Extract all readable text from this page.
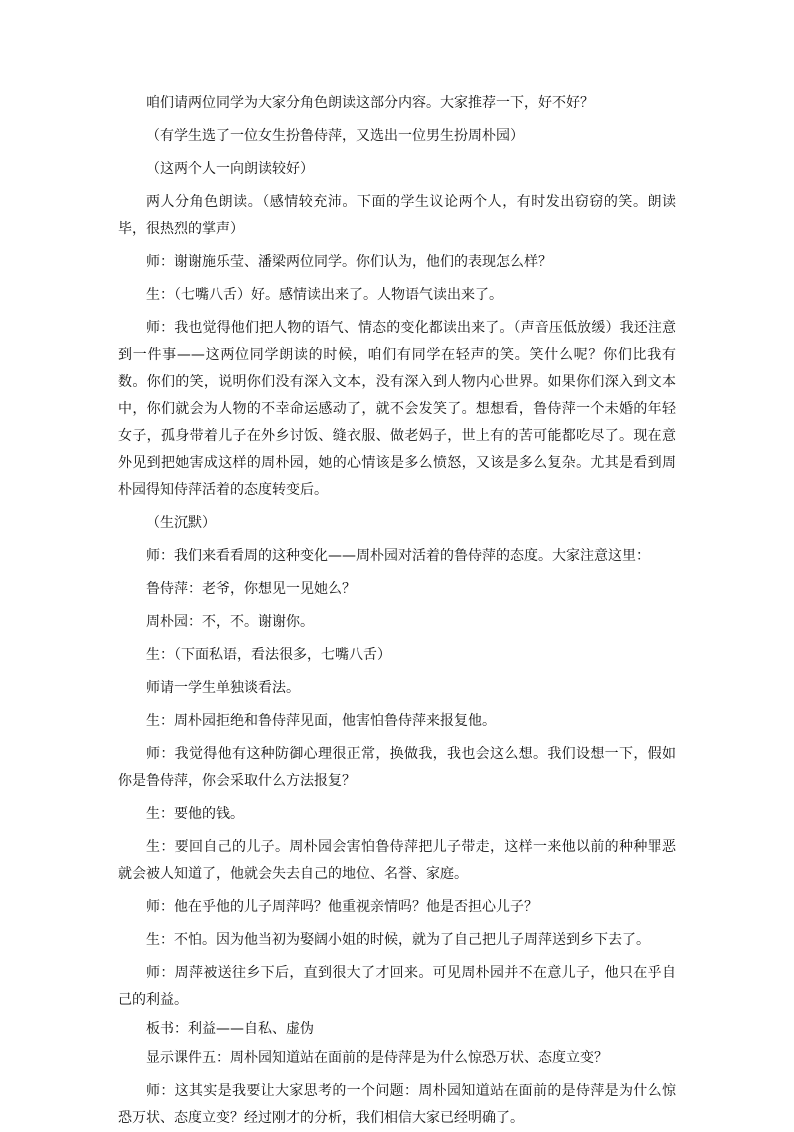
咱们请两位同学为大家分角色朗读这部分内容。大家推荐一下，好不好？

（有学生选了一位女生扮鲁侍萍，又选出一位男生扮周朴园）

（这两个人一向朗读较好）

两人分角色朗读。（感情较充沛。下面的学生议论两个人，有时发出窃窃的笑。朗读毕，很热烈的掌声）

师：谢谢施乐莹、潘梁两位同学。你们认为，他们的表现怎么样？

生：（七嘴八舌）好。感情读出来了。人物语气读出来了。

师：我也觉得他们把人物的语气、情态的变化都读出来了。（声音压低放缓）我还注意到一件事——这两位同学朗读的时候，咱们有同学在轻声的笑。笑什么呢？你们比我有数。你们的笑，说明你们没有深入文本，没有深入到人物内心世界。如果你们深入到文本中，你们就会为人物的不幸命运感动了，就不会发笑了。想想看，鲁侍萍一个未婚的年轻女子，孤身带着儿子在外乡讨饭、缝衣服、做老妈子，世上有的苦可能都吃尽了。现在意外见到把她害成这样的周朴园，她的心情该是多么愤怒，又该是多么复杂。尤其是看到周朴园得知侍萍活着的态度转变后。

（生沉默）

师：我们来看看周的这种变化——周朴园对活着的鲁侍萍的态度。大家注意这里：

鲁侍萍：老爷，你想见一见她么？

周朴园：不，不。谢谢你。

生：（下面私语，看法很多，七嘴八舌）

师请一学生单独谈看法。

生：周朴园拒绝和鲁侍萍见面，他害怕鲁侍萍来报复他。

师：我觉得他有这种防御心理很正常，换做我，我也会这么想。我们设想一下，假如你是鲁侍萍，你会采取什么方法报复？

生：要他的钱。

生：要回自己的儿子。周朴园会害怕鲁侍萍把儿子带走，这样一来他以前的种种罪恶就会被人知道了，他就会失去自己的地位、名誉、家庭。

师：他在乎他的儿子周萍吗？他重视亲情吗？他是否担心儿子？

生：不怕。因为他当初为娶阔小姐的时候，就为了自己把儿子周萍送到乡下去了。

师：周萍被送往乡下后，直到很大了才回来。可见周朴园并不在意儿子，他只在乎自己的利益。

板书：利益——自私、虚伪

显示课件五：周朴园知道站在面前的是侍萍是为什么惊恐万状、态度立变？

师：这其实是我要让大家思考的一个问题：周朴园知道站在面前的是侍萍是为什么惊恐万状、态度立变？经过刚才的分析，我们相信大家已经明确了。
